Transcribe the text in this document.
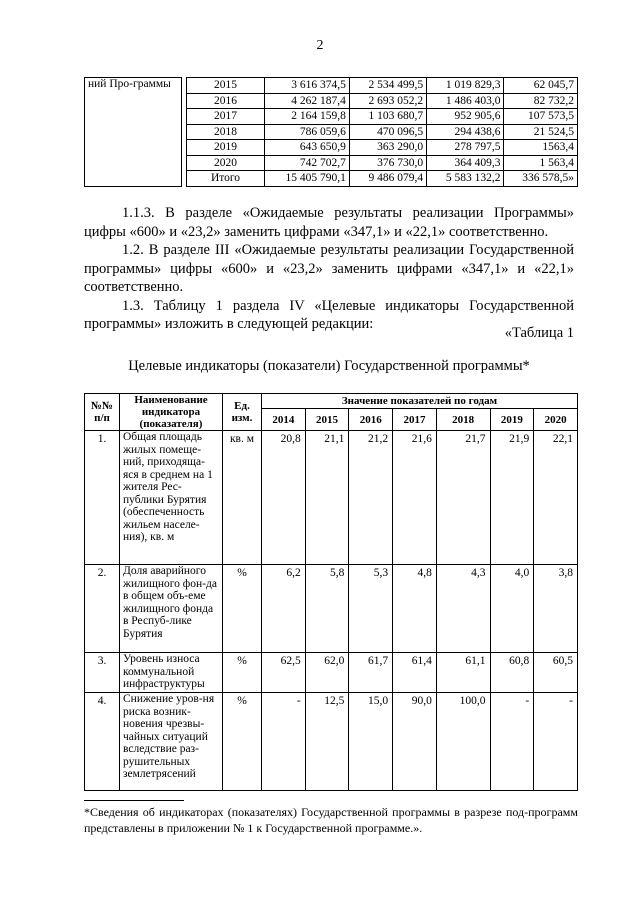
2
ний Про-граммы		2015	3 616 374,5	2 534 499,5	1 019 829,3	62 045,7
		2016	4 262 187,4	2 693 052,2	1 486 403,0	82 732,2
		2017	2 164 159,8	1 103 680,7	952 905,6	107 573,5
		2018	786 059,6	470 096,5	294 438,6	21 524,5
		2019	643 650,9	363 290,0	278 797,5	1563,4
		2020	742 702,7	376 730,0	364 409,3	1 563,4
		Итого	15 405 790,1	9 486 079,4	5 583 132,2	336 578,5»

1.1.3. В разделе «Ожидаемые результаты реализации Программы» цифры «600» и «23,2» заменить цифрами «347,1» и «22,1» соответственно.

1.2. В разделе III «Ожидаемые результаты реализации Государственной программы» цифры «600» и «23,2» заменить цифрами «347,1» и «22,1» соответственно.

1.3. Таблицу 1 раздела IV «Целевые индикаторы Государственной программы» изложить в следующей редакции:

«Таблица 1
Целевые индикаторы (показатели) Государственной программы*
№№ п/п	Наименование индикатора (показателя)	Ед. изм.	Значение показателей по годам						
			2014	2015	2016	2017	2018	2019	2020
1.	Общая площадь жилых помеще-ний, приходяща-яся в среднем на 1 жителя Рес-публики Бурятия (обеспеченность жильем населе-ния), кв. м	кв. м	20,8	21,1	21,2	21,6	21,7	21,9	22,1
2.	Доля аварийного жилищного фон-да в общем объ-еме жилищного фонда в Респуб-лике Бурятия	%	6,2	5,8	5,3	4,8	4,3	4,0	3,8
3.	Уровень износа коммунальной инфраструктуры	%	62,5	62,0	61,7	61,4	61,1	60,8	60,5
4.	Снижение уров-ня риска возник-новения чрезвы-чайных ситуаций вследствие раз-рушительных землетрясений	%	-	12,5	15,0	90,0	100,0	-	-
*Сведения об индикаторах (показателях) Государственной программы в разрезе под-программ представлены в приложении № 1 к Государственной программе.».
